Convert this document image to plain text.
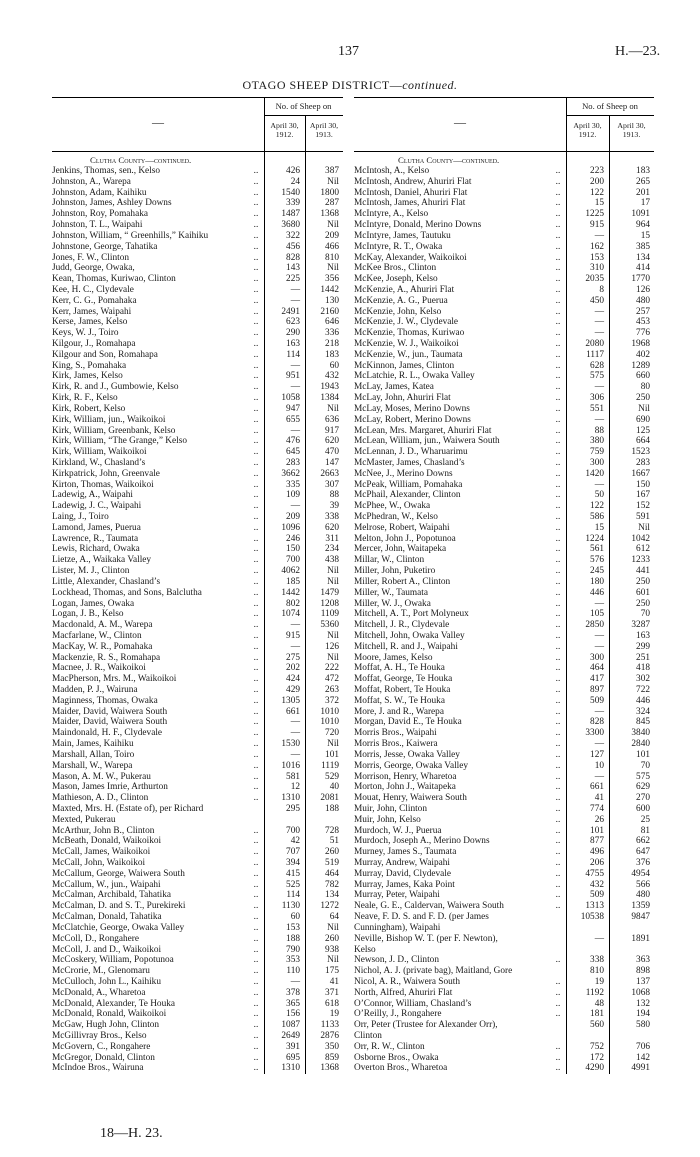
137	H.—23.
OTAGO SHEEP DISTRICT—continued.
—
No. of Sheep on
April 30, 1912.
April 30, 1913.
Clutha County—continued.
Jenkins, Thomas, sen., Kelso	..	426	387
Johnston, A., Warepa	..	24	Nil
Johnston, Adam, Kaihiku	..	1540	1800
Johnston, James, Ashley Downs	..	339	287
Johnston, Roy, Pomahaka	..	1487	1368
Johnston, T. L., Waipahi	..	3680	Nil
Johnston, William, “ Greenhills,” Kaihiku	..	322	209
Johnstone, George, Tahatika	..	456	466
Jones, F. W., Clinton	..	828	810
Judd, George, Owaka,	..	143	Nil
Kean, Thomas, Kuriwao, Clinton	..	225	356
Kee, H. C., Clydevale	..	—	1442
Kerr, C. G., Pomahaka	..	—	130
Kerr, James, Waipahi	..	2491	2160
Kerse, James, Kelso	..	623	646
Keys, W. J., Toiro	..	290	336
Kilgour, J., Romahapa	..	163	218
Kilgour and Son, Romahapa	..	114	183
King, S., Pomahaka	..	—	60
Kirk, James, Kelso	..	951	432
Kirk, R. and J., Gumbowie, Kelso	..	—	1943
Kirk, R. F., Kelso	..	1058	1384
Kirk, Robert, Kelso	..	947	Nil
Kirk, William, jun., Waikoikoi	..	655	636
Kirk, William, Greenbank, Kelso	..	—	917
Kirk, William, “The Grange,” Kelso	..	476	620
Kirk, William, Waikoikoi	..	645	470
Kirkland, W., Chasland’s	..	283	147
Kirkpatrick, John, Greenvale	..	3662	2663
Kirton, Thomas, Waikoikoi	..	335	307
Ladewig, A., Waipahi	..	109	88
Ladewig, J. C., Waipahi	..	—	39
Laing, J., Toiro	..	209	338
Lamond, James, Puerua	..	1096	620
Lawrence, R., Taumata	..	246	311
Lewis, Richard, Owaka	..	150	234
Lietze, A., Waikaka Valley	..	700	438
Lister, M. J., Clinton	..	4062	Nil
Little, Alexander, Chasland’s	..	185	Nil
Lockhead, Thomas, and Sons, Balclutha	..	1442	1479
Logan, James, Owaka	..	802	1208
Logan, J. B., Kelso	..	1074	1109
Macdonald, A. M., Warepa	..	—	5360
Macfarlane, W., Clinton	..	915	Nil
MacKay, W. R., Pomahaka	..	—	126
Mackenzie, R. S., Romahapa	..	275	Nil
Macnee, J. R., Waikoikoi	..	202	222
MacPherson, Mrs. M., Waikoikoi	..	424	472
Madden, P. J., Wairuna	..	429	263
Maginness, Thomas, Owaka	..	1305	372
Maider, David, Waiwera South	..	661	1010
Maider, David, Waiwera South	..	—	1010
Maindonald, H. F., Clydevale	..	—	720
Main, James, Kaihiku	..	1530	Nil
Marshall, Allan, Toiro	..	—	101
Marshall, W., Warepa	..	1016	1119
Mason, A. M. W., Pukerau	..	581	529
Mason, James Imrie, Arthurton	..	12	40
Mathieson, A. D., Clinton	..	1310	2081
Maxted, Mrs. H. (Estate of), per Richard	295	188
Mexted, Pukerau
McArthur, John B., Clinton	..	700	728
McBeath, Donald, Waikoikoi	..	42	51
McCall, James, Waikoikoi	..	707	260
McCall, John, Waikoikoi	..	394	519
McCallum, George, Waiwera South	..	415	464
McCallum, W., jun., Waipahi	..	525	782
McCalman, Archibald, Tahatika	..	114	134
McCalman, D. and S. T., Purekireki	..	1130	1272
McCalman, Donald, Tahatika	..	60	64
McClatchie, George, Owaka Valley	..	153	Nil
McColl, D., Rongahere	..	188	260
McColl, J. and D., Waikoikoi	..	790	938
McCoskery, William, Popotunoa	..	353	Nil
McCrorie, M., Glenomaru	..	110	175
McCulloch, John L., Kaihiku	..	—	41
McDonald, A., Wharetoa	..	378	371
McDonald, Alexander, Te Houka	..	365	618
McDonald, Ronald, Waikoikoi	..	156	19
McGaw, Hugh John, Clinton	..	1087	1133
McGillivray Bros., Kelso	..	2649	2876
McGovern, C., Rongahere	..	391	350
McGregor, Donald, Clinton	..	695	859
McIndoe Bros., Wairuna	..	1310	1368
—
No. of Sheep on
April 30, 1912.
April 30, 1913.
Clutha County—continued.
McIntosh, A., Kelso	..	223	183
McIntosh, Andrew, Ahuriri Flat	..	200	265
McIntosh, Daniel, Ahuriri Flat	..	122	201
McIntosh, James, Ahuriri Flat	..	15	17
McIntyre, A., Kelso	..	1225	1091
McIntyre, Donald, Merino Downs	..	915	964
McIntyre, James, Tautuku	..	—	15
McIntyre, R. T., Owaka	..	162	385
McKay, Alexander, Waikoikoi	..	153	134
McKee Bros., Clinton	..	310	414
McKee, Joseph, Kelso	..	2035	1770
McKenzie, A., Ahuriri Flat	..	8	126
McKenzie, A. G., Puerua	..	450	480
McKenzie, John, Kelso	..	—	257
McKenzie, J. W., Clydevale	..	—	453
McKenzie, Thomas, Kuriwao	..	—	776
McKenzie, W. J., Waikoikoi	..	2080	1968
McKenzie, W., jun., Taumata	..	1117	402
McKinnon, James, Clinton	..	628	1289
McLatchie, R. L., Owaka Valley	..	575	660
McLay, James, Katea	..	—	80
McLay, John, Ahuriri Flat	..	306	250
McLay, Moses, Merino Downs	..	551	Nil
McLay, Robert, Merino Downs	..	—	690
McLean, Mrs. Margaret, Ahuriri Flat	..	88	125
McLean, William, jun., Waiwera South	..	380	664
McLennan, J. D., Wharuarimu	..	759	1523
McMaster, James, Chasland’s	..	300	283
McNee, J., Merino Downs	..	1420	1667
McPeak, William, Pomahaka	..	—	150
McPhail, Alexander, Clinton	..	50	167
McPhee, W., Owaka	..	122	152
McPhedran, W., Kelso	..	586	591
Melrose, Robert, Waipahi	..	15	Nil
Melton, John J., Popotunoa	..	1224	1042
Mercer, John, Waitapeka	..	561	612
Millar, W., Clinton	..	576	1233
Miller, John, Puketiro	..	245	441
Miller, Robert A., Clinton	..	180	250
Miller, W., Taumata	..	446	601
Miller, W. J., Owaka	..	—	250
Mitchell, A. T., Port Molyneux	..	105	70
Mitchell, J. R., Clydevale	..	2850	3287
Mitchell, John, Owaka Valley	..	—	163
Mitchell, R. and J., Waipahi	..	—	299
Moore, James, Kelso	..	300	251
Moffat, A. H., Te Houka	..	464	418
Moffat, George, Te Houka	..	417	302
Moffat, Robert, Te Houka	..	897	722
Moffat, S. W., Te Houka	..	509	446
More, J. and R., Warepa	..	—	324
Morgan, David E., Te Houka	..	828	845
Morris Bros., Waipahi	..	3300	3840
Morris Bros., Kaiwera	..	—	2840
Morris, Jesse, Owaka Valley	..	127	101
Morris, George, Owaka Valley	..	10	70
Morrison, Henry, Wharetoa	..	—	575
Morton, John J., Waitapeka	..	661	629
Mouat, Henry, Waiwera South	..	41	270
Muir, John, Clinton	..	774	600
Muir, John, Kelso	..	26	25
Murdoch, W. J., Puerua	..	101	81
Murdoch, Joseph A., Merino Downs	..	877	662
Murney, James S., Taumata	..	496	647
Murray, Andrew, Waipahi	..	206	376
Murray, David, Clydevale	..	4755	4954
Murray, James, Kaka Point	..	432	566
Murray, Peter, Waipahi	..	509	480
Neale, G. E., Caldervan, Waiwera South	..	1313	1359
Neave, F. D. S. and F. D. (per James	10538	9847
Cunningham), Waipahi
Neville, Bishop W. T. (per F. Newton),	—	1891
Kelso
Newson, J. D., Clinton	..	338	363
Nichol, A. J. (private bag), Maitland, Gore	810	898
Nicol, A. R., Waiwera South	..	19	137
North, Alfred, Ahuriri Flat	..	1192	1068
O’Connor, William, Chasland’s	..	48	132
O’Reilly, J., Rongahere	..	181	194
Orr, Peter (Trustee for Alexander Orr),	560	580
Clinton
Orr, R. W., Clinton	..	752	706
Osborne Bros., Owaka	..	172	142
Overton Bros., Wharetoa	..	4290	4991
18—H. 23.
